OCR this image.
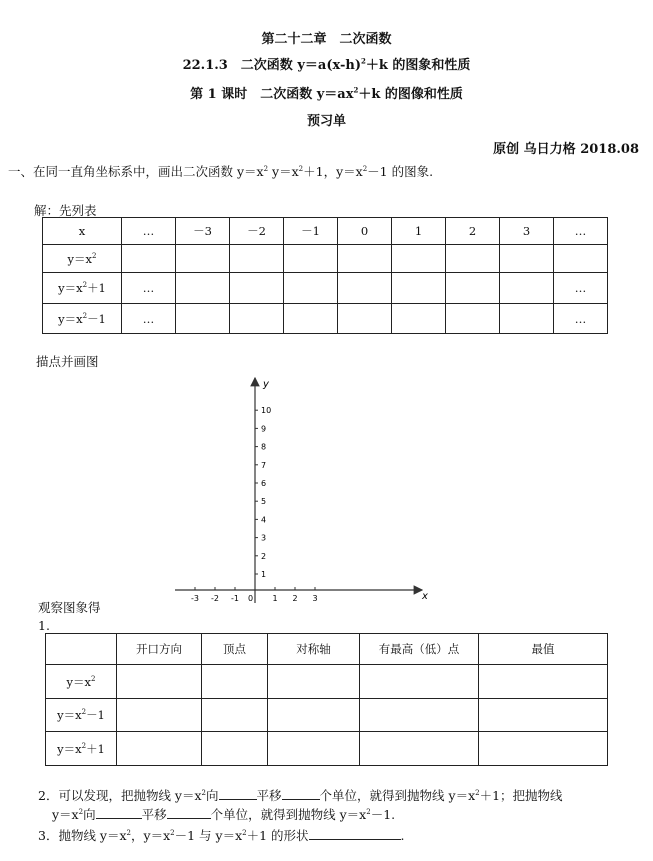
第二十二章　二次函数
22.1.3　二次函数 $y=a(x-h)^2+k$ 的图象和性质
第 1 课时　二次函数 $y=ax^2+k$ 的图像和性质
预习单
原创 乌日力格 2018.08
一、在同一直角坐标系中，画出二次函数 $y=x^2$ $y=x^2+1$，$y=x^2-1$ 的图象.
解：先列表
x	…	－3	－2	－1	0	1	2	3	…
$y=x^2$									
$y=x^2+1$	…								…
$y=x^2-1$	…								…
描点并画图
-3 -2 -1	1 2 3
1
2
3
4
5
6
7
8
9
10
x
y
0
观察图象得
1.
	开口方向	顶点	对称轴	有最高（低）点	最值
$y=x^2$					
$y=x^2-1$					
$y=x^2+1$					
2．可以发现，把抛物线 $y=x^2$向	平移	个单位，就得到抛物线 $y=x^2+1$；把抛物线
$y=x^2$向	平移	个单位，就得到抛物线 $y=x^2-1$.
3．抛物线 $y=x^2$，$y=x^2-1$ 与 $y=x^2+1$ 的形状	.
